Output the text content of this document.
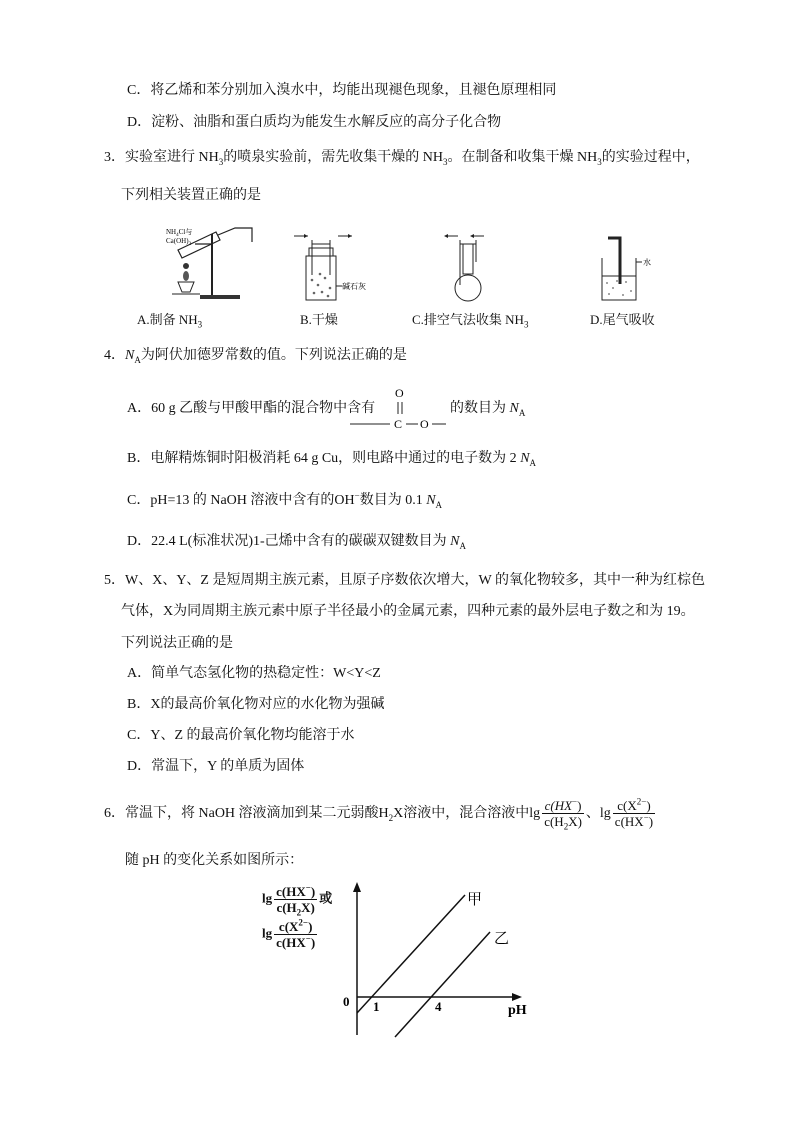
C．将乙烯和苯分别加入溴水中，均能出现褪色现象，且褪色原理相同
D．淀粉、油脂和蛋白质均为能发生水解反应的高分子化合物
3．实验室进行 $NH_3$的喷泉实验前，需先收集干燥的 $NH_3$。在制备和收集干燥 $NH_3$的实验过程中，
下列相关装置正确的是
$NH_4Cl$与
$Ca(OH)_2$
A.制备 $NH_3$
碱石灰
B.干燥	C.排空气法收集 $NH_3$
水
D.尾气吸收
4．$N_A$为阿伏加德罗常数的值。下列说法正确的是
A．60 g 乙酸与甲酸甲酯的混合物中含有
O
C O
的数目为 $N_A$
B．电解精炼铜时阳极消耗 64 g Cu，则电路中通过的电子数为 2 $N_A$
C．pH=13 的 NaOH 溶液中含有的OH−数目为 0.1 $N_A$
D．22.4 L(标准状况)1-己烯中含有的碳碳双键数目为 $N_A$
5．W、X、Y、Z 是短周期主族元素，且原子序数依次增大，W 的氧化物较多，其中一种为红棕色
气体，X为同周期主族元素中原子半径最小的金属元素，四种元素的最外层电子数之和为 19。
下列说法正确的是
A．简单气态氢化物的热稳定性：W<Y<Z
B．X的最高价氧化物对应的水化物为强碱
C．Y、Z 的最高价氧化物均能溶于水
D．常温下，Y 的单质为固体
6．常温下，将 NaOH 溶液滴加到某二元弱酸$H_2X$溶液中，混合溶液中$\lg \frac{c(HX^-)}{c(H_2X)}$ 、$\lg \frac{c(X^{2-})}{c(HX^-)}$
随 pH 的变化关系如图所示：
$\lg \frac{c(HX^-)}{c(H_2X)}$ 或
$\lg \frac{c(X^{2-})}{c(HX^-)}$
0 1	4	pH
甲
乙
